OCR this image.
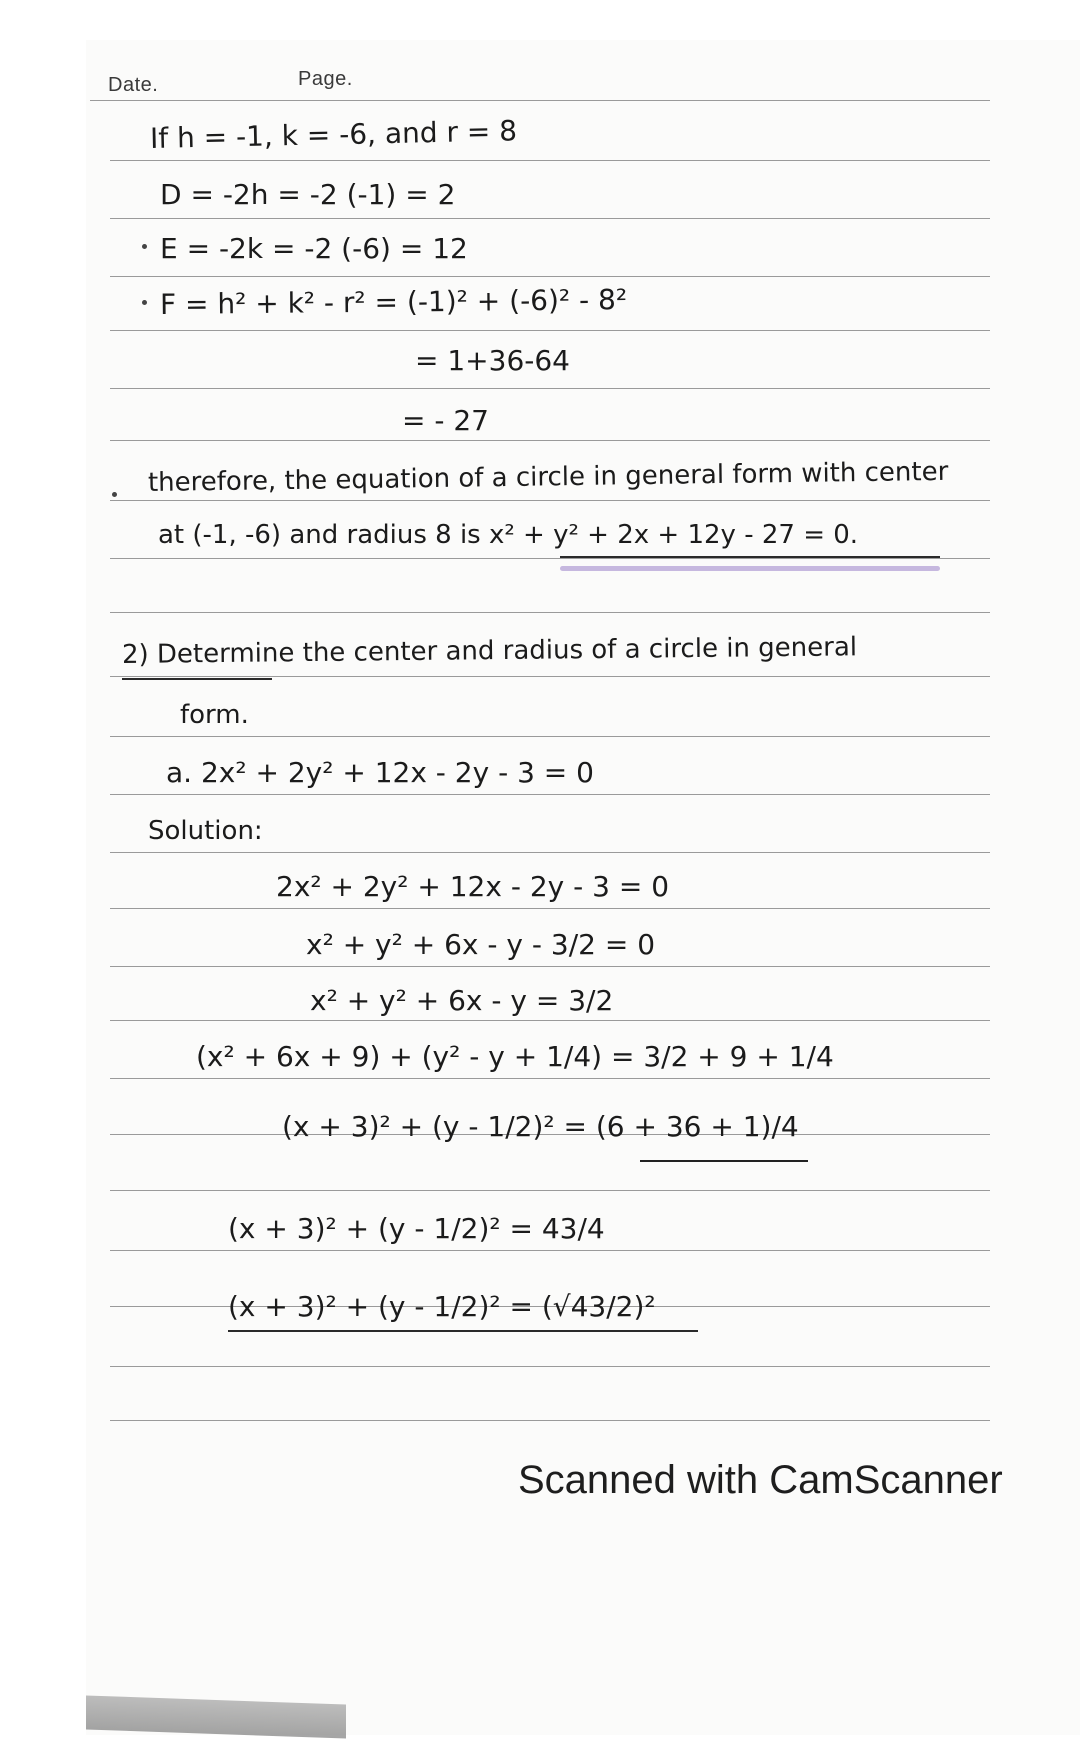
Date.	Page.
If h = -1, k = -6, and r = 8
D = -2h = -2 (-1) = 2
E = -2k = -2 (-6) = 12
F = h² + k² - r² = (-1)² + (-6)² - 8²
= 1+36-64
= - 27
therefore, the equation of a circle in general form with center
at (-1, -6) and radius 8 is x² + y² + 2x + 12y - 27 = 0.
2) Determine the center and radius of a circle in general
form.
a. 2x² + 2y² + 12x - 2y - 3 = 0
Solution:
2x² + 2y² + 12x - 2y - 3 = 0
x² + y² + 6x - y - 3/2 = 0
x² + y² + 6x - y = 3/2
(x² + 6x + 9) + (y² - y + 1/4) = 3/2 + 9 + 1/4
(x + 3)² + (y - 1/2)² = (6 + 36 + 1)/4
(x + 3)² + (y - 1/2)² = 43/4
(x + 3)² + (y - 1/2)² = (√43/2)²
Scanned with CamScanner
